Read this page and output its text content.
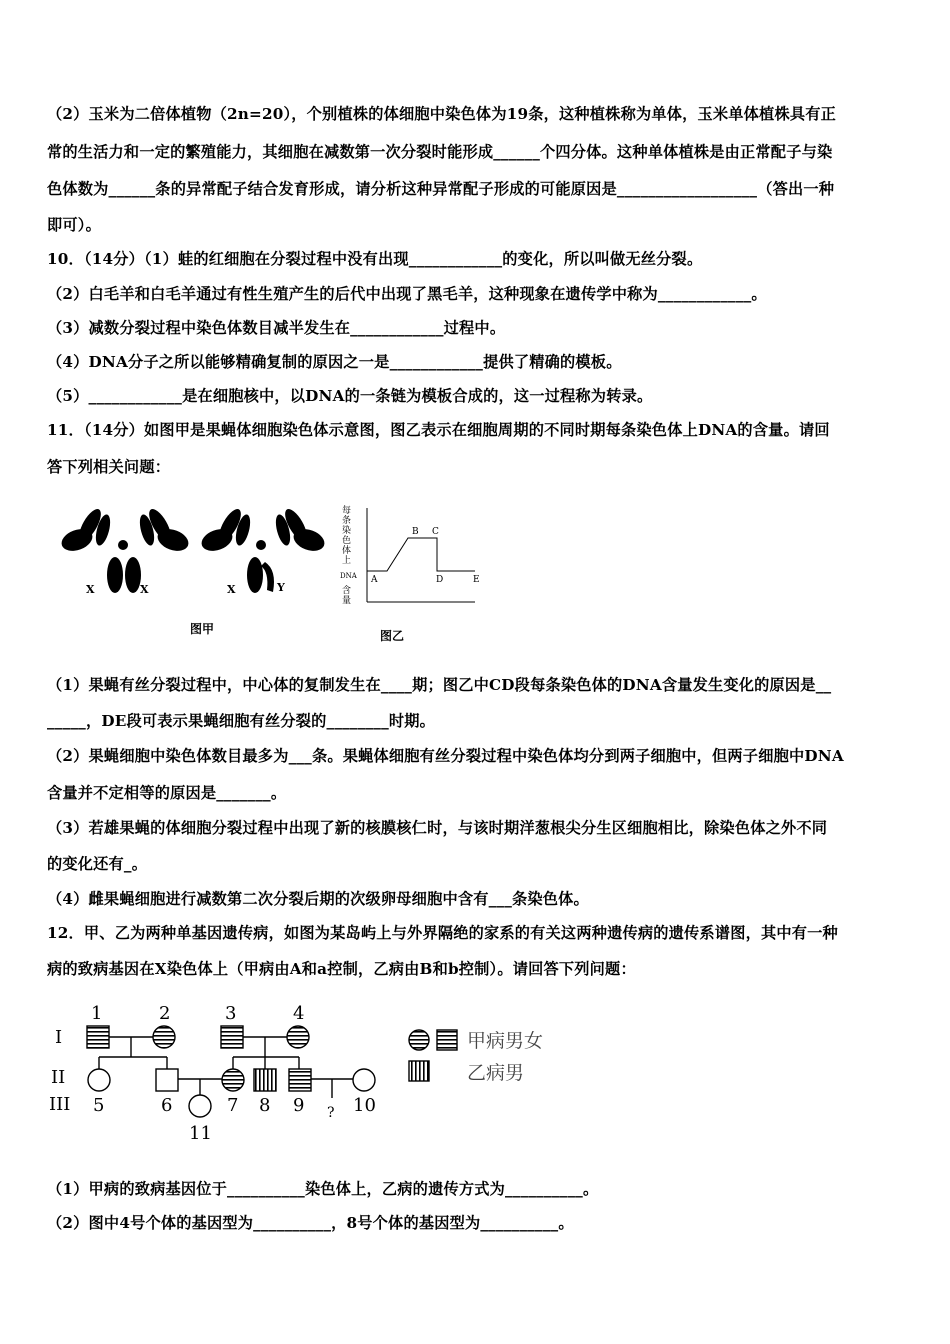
（2）玉米为二倍体植物（2n=20），个别植株的体细胞中染色体为19条，这种植株称为单体，玉米单体植株具有正
常的生活力和一定的繁殖能力，其细胞在减数第一次分裂时能形成______个四分体。这种单体植株是由正常配子与染
色体数为______条的异常配子结合发育形成，请分析这种异常配子形成的可能原因是__________________（答出一种
即可）。
10．（14分）（1）蛙的红细胞在分裂过程中没有出现____________的变化，所以叫做无丝分裂。
（2）白毛羊和白毛羊通过有性生殖产生的后代中出现了黑毛羊，这种现象在遗传学中称为____________。
（3）减数分裂过程中染色体数目减半发生在____________过程中。
（4）DNA分子之所以能够精确复制的原因之一是____________提供了精确的模板。
（5）____________是在细胞核中，以DNA的一条链为模板合成的，这一过程称为转录。
11．（14分）如图甲是果蝇体细胞染色体示意图，图乙表示在细胞周期的不同时期每条染色体上DNA的含量。请回
答下列相关问题：
X	X	X	Y
图甲
每
条
染
色
体
上
DNA
含
量
A
B C
D	E
图乙
（1）果蝇有丝分裂过程中，中心体的复制发生在____期；图乙中CD段每条染色体的DNA含量发生变化的原因是__
_____，DE段可表示果蝇细胞有丝分裂的________时期。
（2）果蝇细胞中染色体数目最多为___条。果蝇体细胞有丝分裂过程中染色体均分到两子细胞中，但两子细胞中DNA
含量并不定相等的原因是_______。
（3）若雄果蝇的体细胞分裂过程中出现了新的核膜核仁时，与该时期洋葱根尖分生区细胞相比，除染色体之外不同
的变化还有_。
（4）雌果蝇细胞进行减数第二次分裂后期的次级卵母细胞中含有___条染色体。
12．甲、乙为两种单基因遗传病，如图为某岛屿上与外界隔绝的家系的有关这两种遗传病的遗传系谱图，其中有一种
病的致病基因在X染色体上（甲病由A和a控制，乙病由B和b控制）。请回答下列问题：
I
II
III
1	2	3	4
5	6	7 8 9	10
11
?
甲病男女
乙病男
（1）甲病的致病基因位于__________染色体上，乙病的遗传方式为__________。
（2）图中4号个体的基因型为__________，8号个体的基因型为__________。
